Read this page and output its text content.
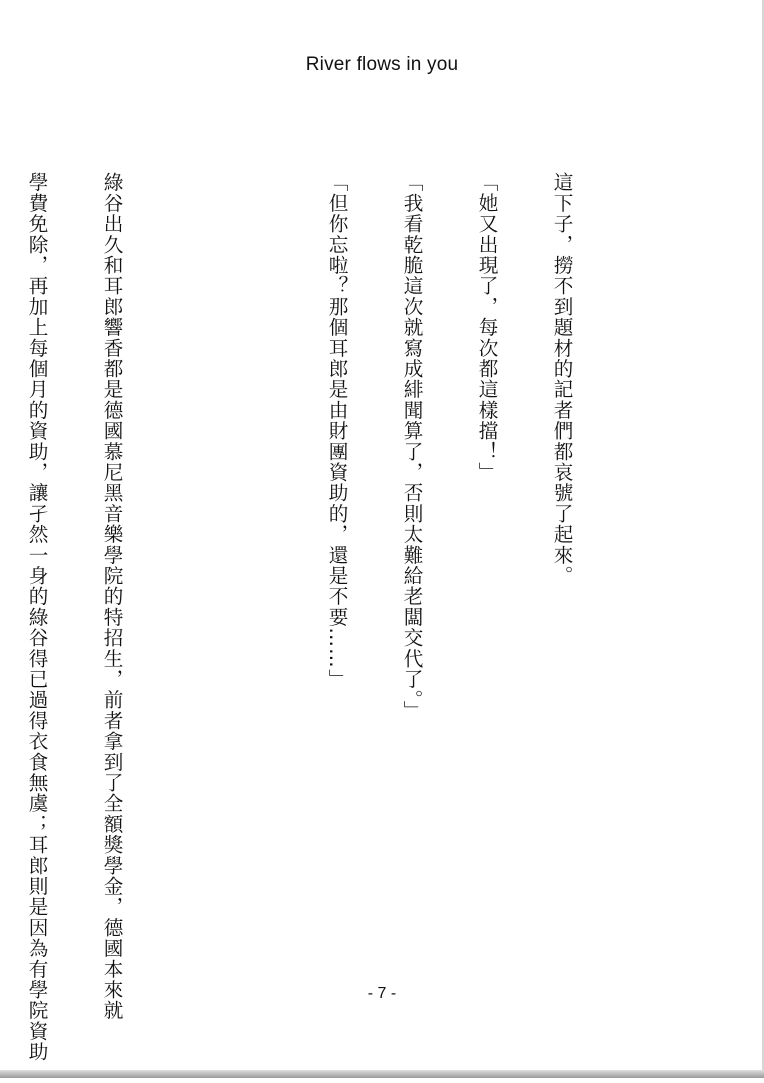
River flows in you

這下子，撈不到題材的記者們都哀號了起來。

「她又出現了，每次都這樣擋！」

「我看乾脆這次就寫成緋聞算了，否則太難給老闆交代了。」

「但你忘啦？那個耳郎是由財團資助的，還是不要……」

綠谷出久和耳郎響香都是德國慕尼黑音樂學院的特招生，前者拿到了全額獎學金，德國本來就

學費免除，再加上每個月的資助，讓孑然一身的綠谷得已過得衣食無虞；耳郎則是因為有學院資助

	- 7 -
